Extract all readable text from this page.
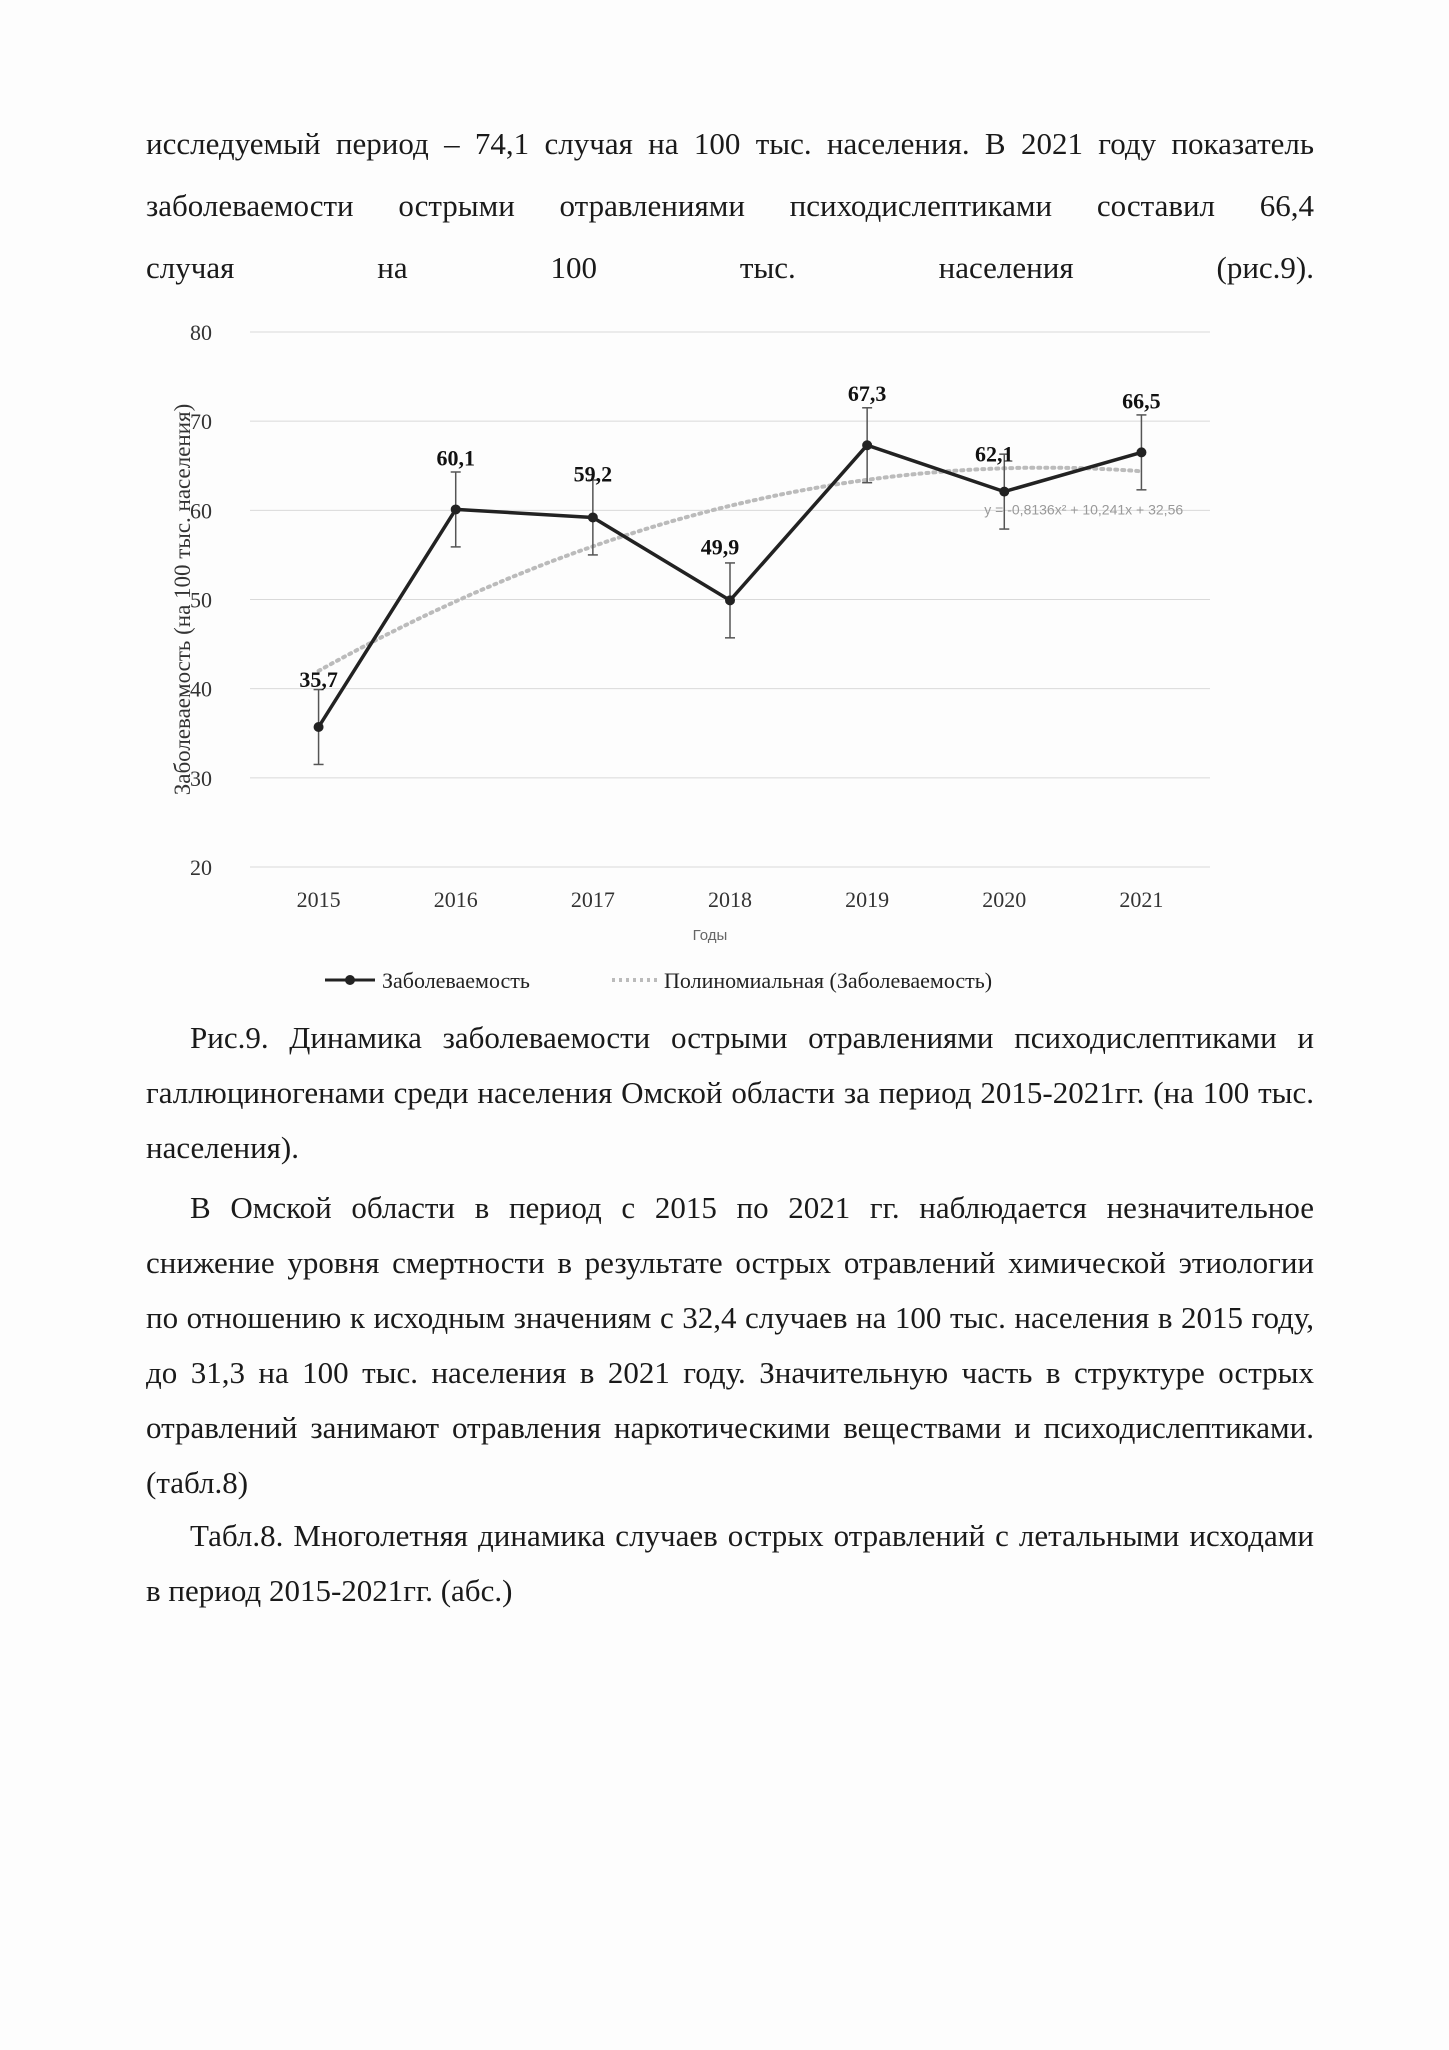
исследуемый период – 74,1 случая на 100 тыс. населения. В 2021 году показатель

заболеваемости острыми отравлениями психодислептиками составил 66,4

случая на 100 тыс. населения (рис.9).

20
30
40
50
60
70
80
2015	2016	2017	2018	2019	2020	2021
Заболеваемость (на 100 тыс. населения)
Годы
35,7
60,1
59,2
49,9
67,3
62,1
66,5
y = -0,8136x² + 10,241x + 32,56
Заболеваемость	Полиномиальная (Заболеваемость)

Рис.9. Динамика заболеваемости острыми отравлениями психодислептиками и галлюциногенами среди населения Омской области за период 2015-2021гг. (на 100 тыс. населения).

В Омской области в период с 2015 по 2021 гг. наблюдается незначительное снижение уровня смертности в результате острых отравлений химической этиологии по отношению к исходным значениям с 32,4 случаев на 100 тыс. населения в 2015 году, до 31,3 на 100 тыс. населения в 2021 году. Значительную часть в структуре острых отравлений занимают отравления наркотическими веществами и психодислептиками. (табл.8)

Табл.8. Многолетняя динамика случаев острых отравлений с летальными исходами в период 2015-2021гг. (абс.)
